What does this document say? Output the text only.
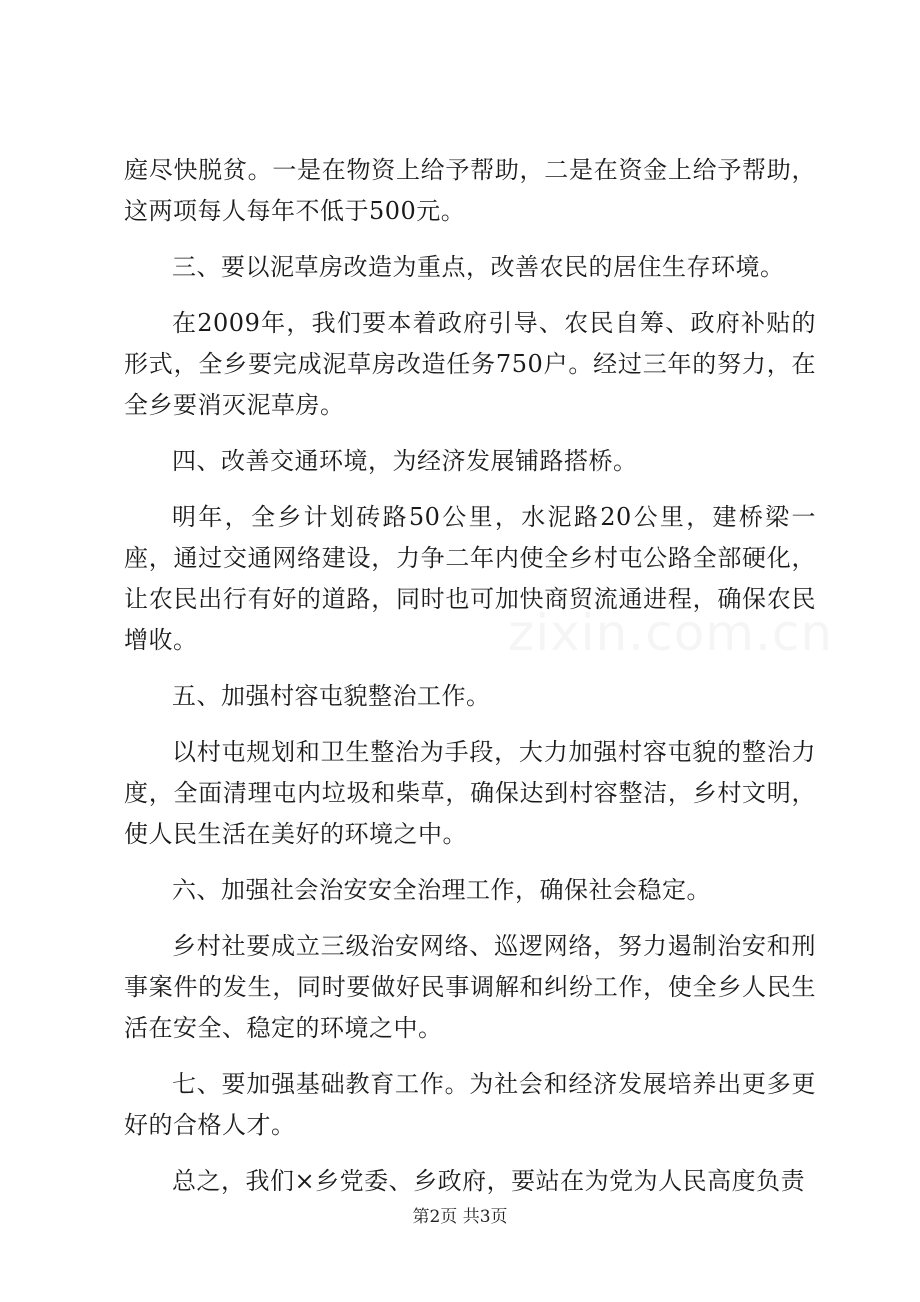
庭尽快脱贫。一是在物资上给予帮助，二是在资金上给予帮助，这两项每人每年不低于500元。

三、要以泥草房改造为重点，改善农民的居住生存环境。

在2009年，我们要本着政府引导、农民自筹、政府补贴的形式，全乡要完成泥草房改造任务750户。经过三年的努力，在全乡要消灭泥草房。

四、改善交通环境，为经济发展铺路搭桥。

明年，全乡计划砖路50公里，水泥路20公里，建桥梁一座，通过交通网络建设，力争二年内使全乡村屯公路全部硬化，让农民出行有好的道路，同时也可加快商贸流通进程，确保农民增收。

五、加强村容屯貌整治工作。

以村屯规划和卫生整治为手段，大力加强村容屯貌的整治力度，全面清理屯内垃圾和柴草，确保达到村容整洁，乡村文明，使人民生活在美好的环境之中。

六、加强社会治安安全治理工作，确保社会稳定。

乡村社要成立三级治安网络、巡逻网络，努力遏制治安和刑事案件的发生，同时要做好民事调解和纠纷工作，使全乡人民生活在安全、稳定的环境之中。

七、要加强基础教育工作。为社会和经济发展培养出更多更好的合格人才。

总之，我们×乡党委、乡政府，要站在为党为人民高度负责

zixin.com.cn
第2页 共3页
